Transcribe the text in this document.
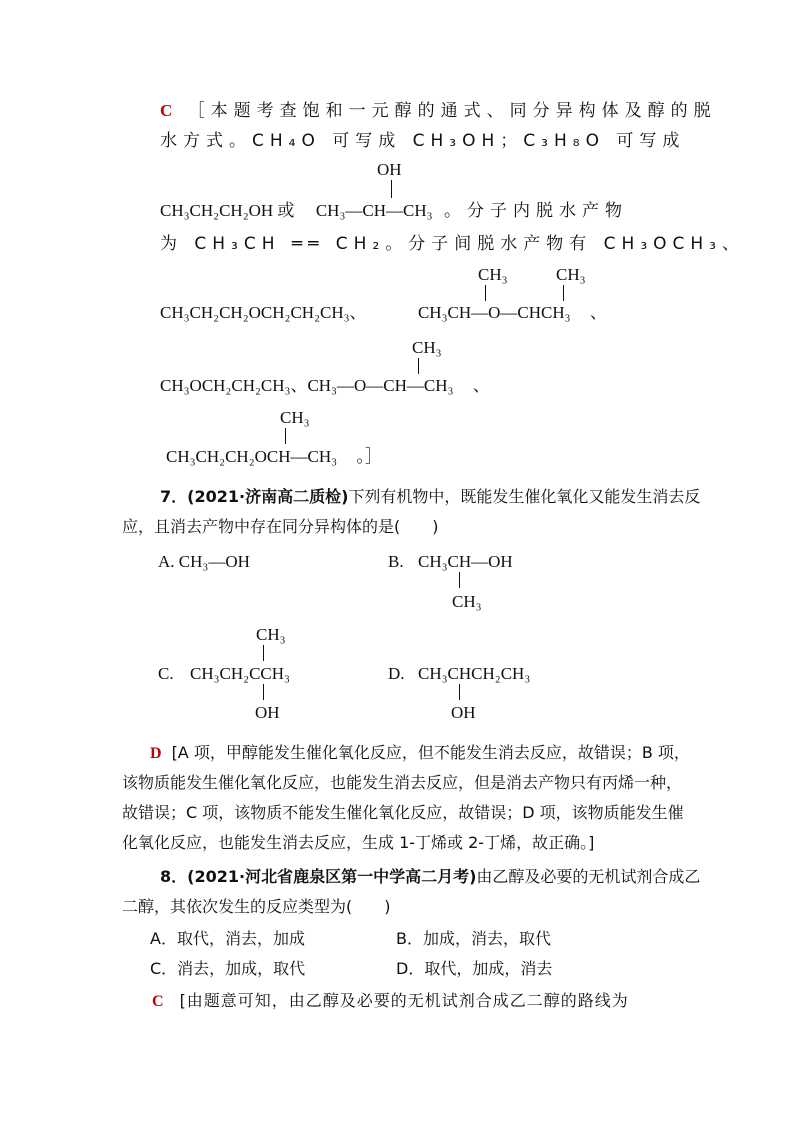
C ［本题考查饱和一元醇的通式、同分异构体及醇的脱
水方式。CH₄O 可写成 CH₃OH；C₃H₈O 可写成
OH
CH₃CH₂CH₂OH 或 CH₃—CH—CH₃ 。分子内脱水产物
为 CH₃CH ══ CH₂。分子间脱水产物有 CH₃OCH₃、
CH₃	CH₃
CH₃CH₂CH₂OCH₂CH₂CH₃、	CH₃CH—O—CHCH₃ 、
CH₃
CH₃OCH₂CH₂CH₃、CH₃—O—CH—CH₃ 、
CH₃
CH₃CH₂CH₂OCH—CH₃ 。］
7．(2021·济南高二质检)下列有机物中，既能发生催化氧化又能发生消去反
应，且消去产物中存在同分异构体的是(　　)
A. CH₃—OH	B. CH₃CH—OH
CH₃
CH₃
C. CH₃CH₂CCH₃
OH
D. CH₃CHCH₂CH₃
OH
D [A 项，甲醇能发生催化氧化反应，但不能发生消去反应，故错误；B 项，
该物质能发生催化氧化反应，也能发生消去反应，但是消去产物只有丙烯一种，
故错误；C 项，该物质不能发生催化氧化反应，故错误；D 项，该物质能发生催
化氧化反应，也能发生消去反应，生成 1-丁烯或 2-丁烯，故正确。]
8．(2021·河北省鹿泉区第一中学高二月考)由乙醇及必要的无机试剂合成乙
二醇，其依次发生的反应类型为(　　)
A．取代，消去，加成	B．加成，消去，取代
C．消去，加成，取代	D．取代，加成，消去
C [由题意可知，由乙醇及必要的无机试剂合成乙二醇的路线为
